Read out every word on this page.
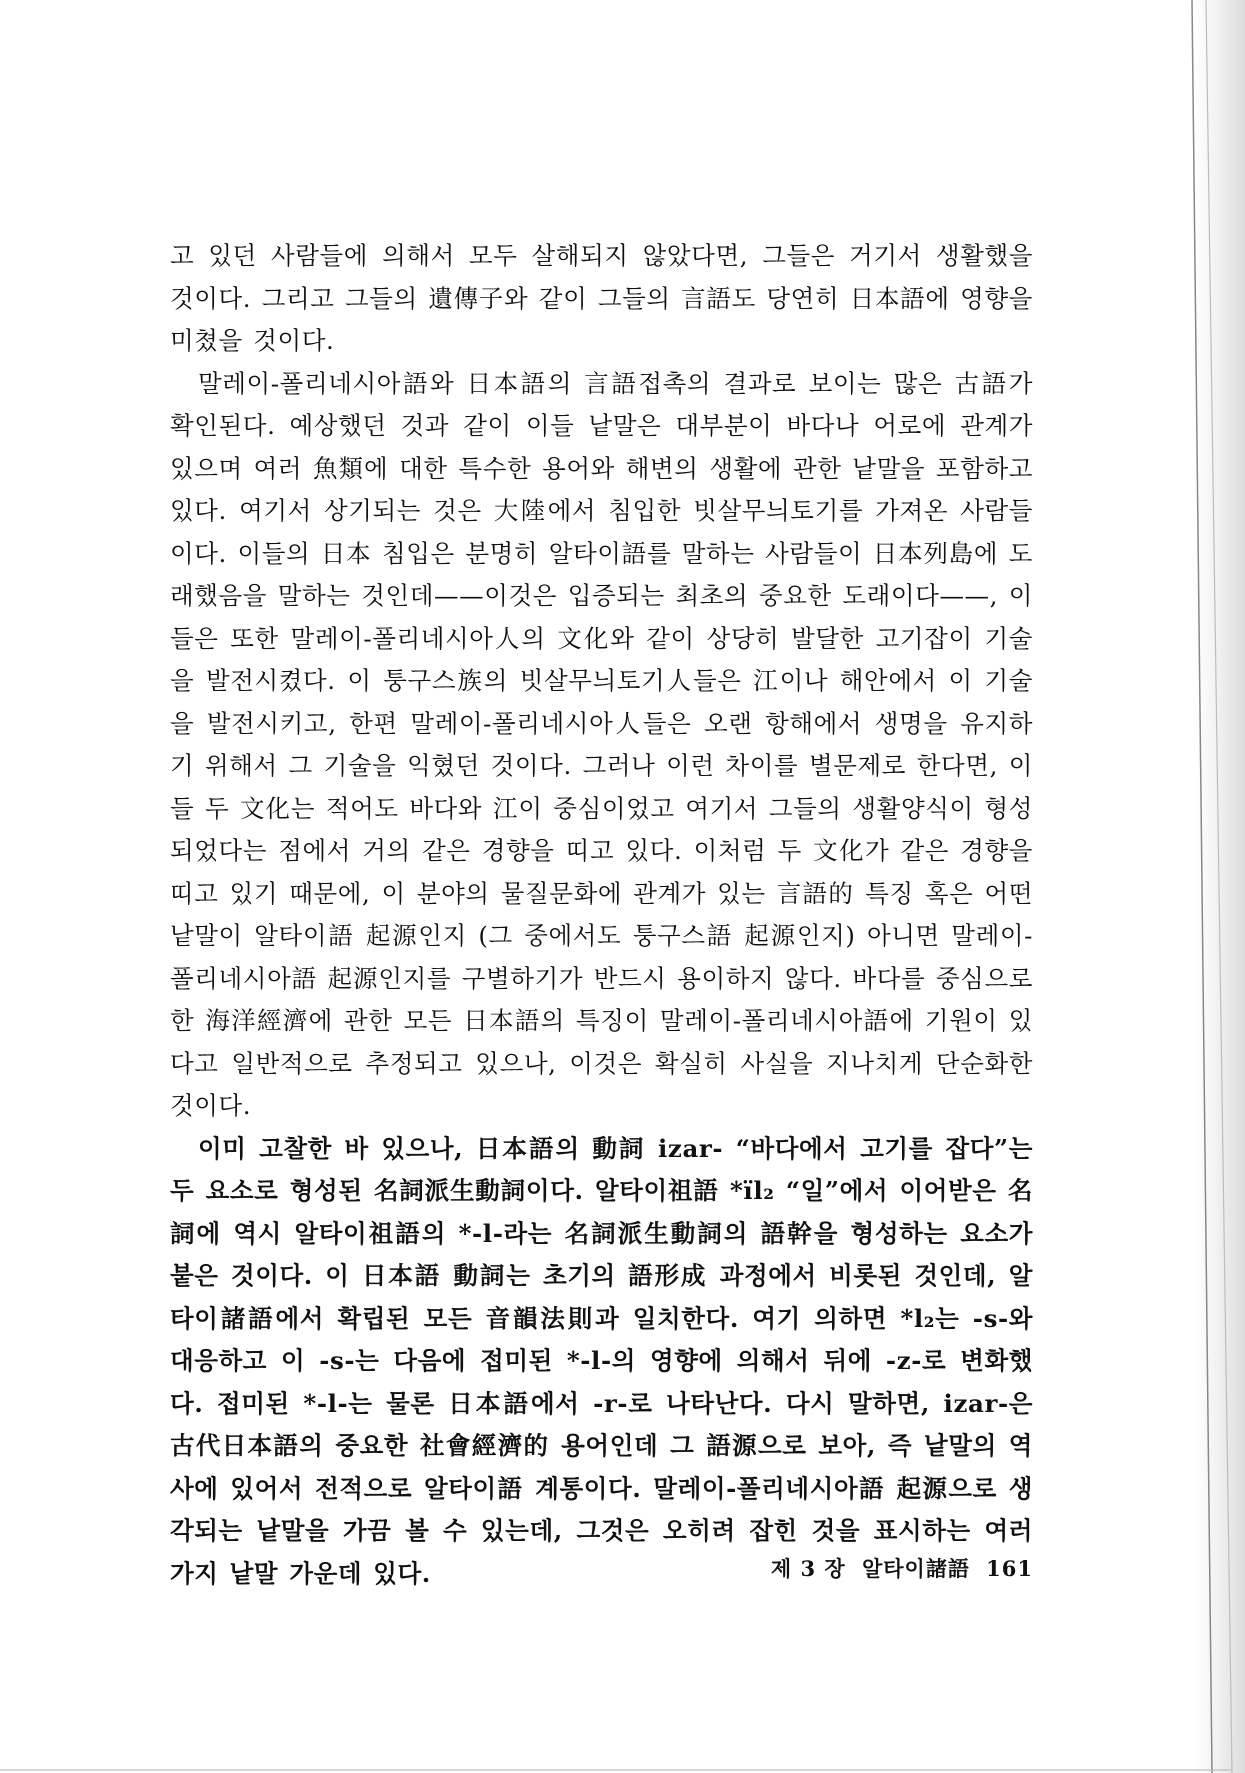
고 있던 사람들에 의해서 모두 살해되지 않았다면, 그들은 거기서 생활했을 것이다. 그리고 그들의 遺傳子와 같이 그들의 言語도 당연히 日本語에 영향을 미쳤을 것이다.

말레이-폴리네시아語와 日本語의 言語접촉의 결과로 보이는 많은 古語가 확인된다. 예상했던 것과 같이 이들 낱말은 대부분이 바다나 어로에 관계가 있으며 여러 魚類에 대한 특수한 용어와 해변의 생활에 관한 낱말을 포함하고 있다. 여기서 상기되는 것은 大陸에서 침입한 빗살무늬토기를 가져온 사람들이다. 이들의 日本 침입은 분명히 알타이語를 말하는 사람들이 日本列島에 도래했음을 말하는 것인데——이것은 입증되는 최초의 중요한 도래이다——, 이들은 또한 말레이-폴리네시아人의 文化와 같이 상당히 발달한 고기잡이 기술을 발전시켰다. 이 퉁구스族의 빗살무늬토기人들은 江이나 해안에서 이 기술을 발전시키고, 한편 말레이-폴리네시아人들은 오랜 항해에서 생명을 유지하기 위해서 그 기술을 익혔던 것이다. 그러나 이런 차이를 별문제로 한다면, 이들 두 文化는 적어도 바다와 江이 중심이었고 여기서 그들의 생활양식이 형성되었다는 점에서 거의 같은 경향을 띠고 있다. 이처럼 두 文化가 같은 경향을 띠고 있기 때문에, 이 분야의 물질문화에 관계가 있는 言語的 특징 혹은 어떤 낱말이 알타이語 起源인지 (그 중에서도 퉁구스語 起源인지) 아니면 말레이-폴리네시아語 起源인지를 구별하기가 반드시 용이하지 않다. 바다를 중심으로 한 海洋經濟에 관한 모든 日本語의 특징이 말레이-폴리네시아語에 기원이 있다고 일반적으로 추정되고 있으나, 이것은 확실히 사실을 지나치게 단순화한 것이다.

이미 고찰한 바 있으나, 日本語의 動詞 izar- “바다에서 고기를 잡다”는 두 요소로 형성된 名詞派生動詞이다. 알타이祖語 *ïl₂ “일”에서 이어받은 名詞에 역시 알타이祖語의 *-l-라는 名詞派生動詞의 語幹을 형성하는 요소가 붙은 것이다. 이 日本語 動詞는 초기의 語形成 과정에서 비롯된 것인데, 알타이諸語에서 확립된 모든 音韻法則과 일치한다. 여기 의하면 *l₂는 -s-와 대응하고 이 -s-는 다음에 접미된 *-l-의 영향에 의해서 뒤에 -z-로 변화했다. 접미된 *-l-는 물론 日本語에서 -r-로 나타난다. 다시 말하면, izar-은 古代日本語의 중요한 社會經濟的 용어인데 그 語源으로 보아, 즉 낱말의 역사에 있어서 전적으로 알타이語 계통이다. 말레이-폴리네시아語 起源으로 생각되는 낱말을 가끔 볼 수 있는데, 그것은 오히려 잡힌 것을 표시하는 여러 가지 낱말 가운데 있다.	제 3 장 알타이諸語 161
